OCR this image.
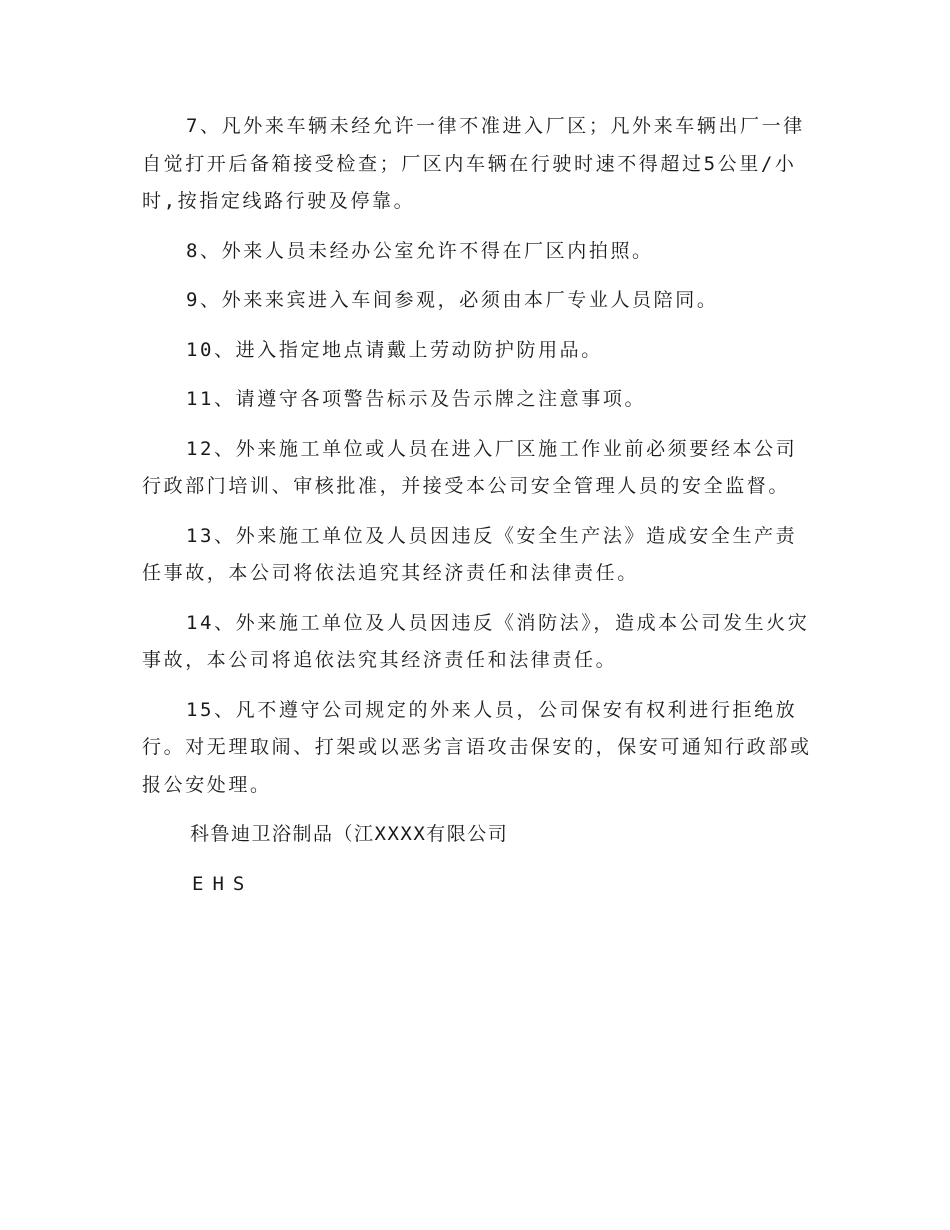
7、凡外来车辆未经允许一律不准进入厂区；凡外来车辆出厂一律自觉打开后备箱接受检查；厂区内车辆在行驶时速不得超过5公里/小时,按指定线路行驶及停靠。

8、外来人员未经办公室允许不得在厂区内拍照。

9、外来来宾进入车间参观，必须由本厂专业人员陪同。

10、进入指定地点请戴上劳动防护防用品。

11、请遵守各项警告标示及告示牌之注意事项。

12、外来施工单位或人员在进入厂区施工作业前必须要经本公司行政部门培训、审核批准，并接受本公司安全管理人员的安全监督。

13、外来施工单位及人员因违反《安全生产法》造成安全生产责任事故，本公司将依法追究其经济责任和法律责任。

14、外来施工单位及人员因违反《消防法》，造成本公司发生火灾事故，本公司将追依法究其经济责任和法律责任。

15、凡不遵守公司规定的外来人员，公司保安有权利进行拒绝放行。对无理取闹、打架或以恶劣言语攻击保安的，保安可通知行政部或报公安处理。

科鲁迪卫浴制品（江XXXX有限公司

EHS
